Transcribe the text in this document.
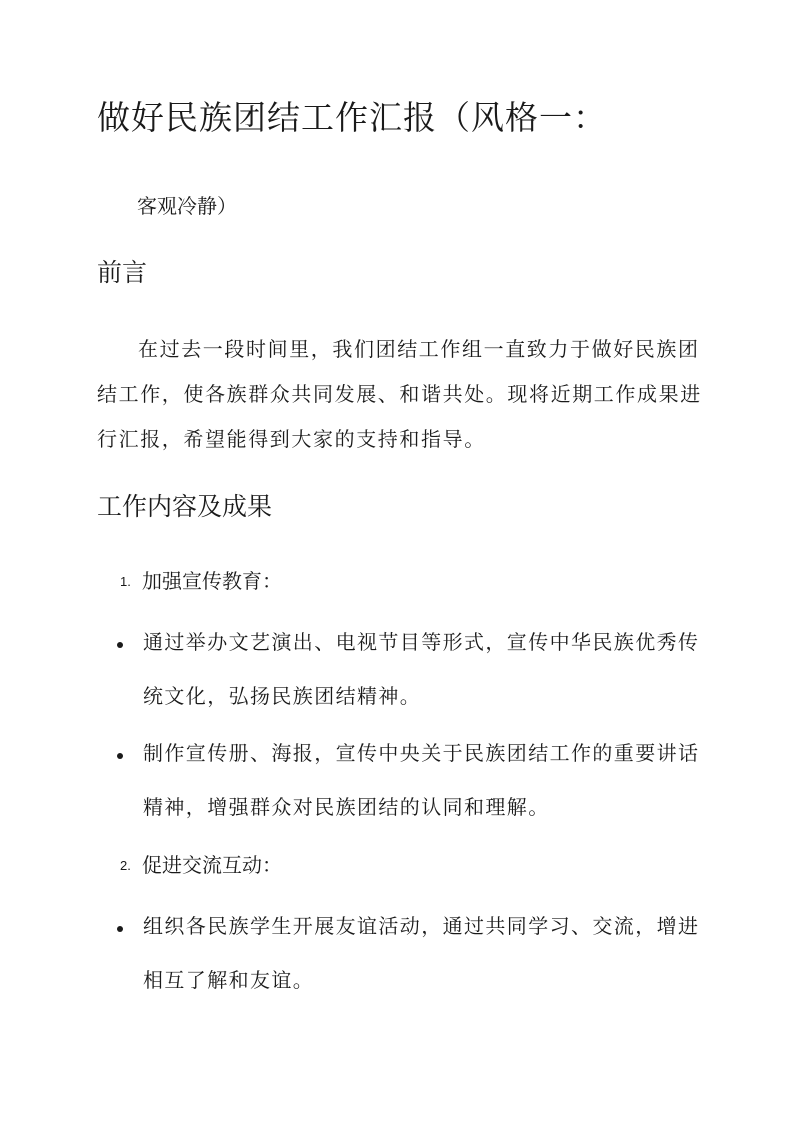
做好民族团结工作汇报（风格一：
客观冷静）
前言

在过去一段时间里，我们团结工作组一直致力于做好民族团结工作，使各族群众共同发展、和谐共处。现将近期工作成果进行汇报，希望能得到大家的支持和指导。

工作内容及成果
1. 加强宣传教育：

通过举办文艺演出、电视节目等形式，宣传中华民族优秀传统文化，弘扬民族团结精神。

制作宣传册、海报，宣传中央关于民族团结工作的重要讲话精神，增强群众对民族团结的认同和理解。

2. 促进交流互动：

组织各民族学生开展友谊活动，通过共同学习、交流，增进相互了解和友谊。
